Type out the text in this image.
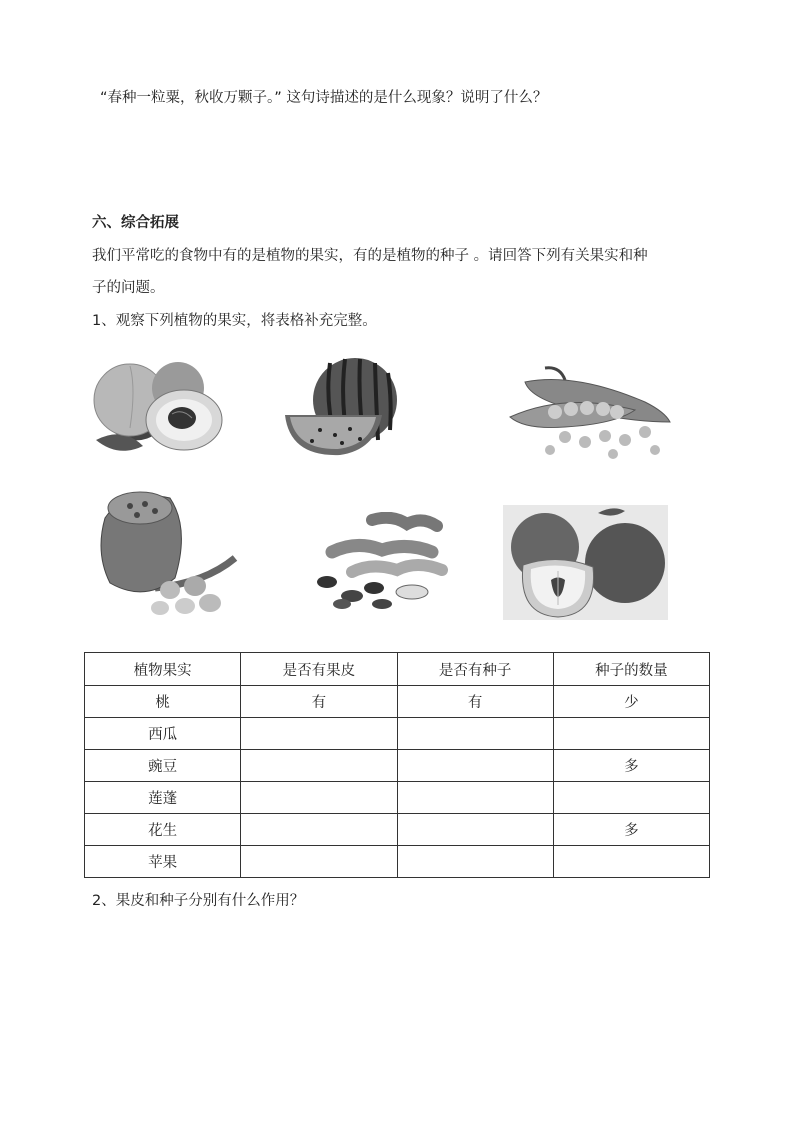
“春种一粒粟，秋收万颗子。” 这句诗描述的是什么现象？说明了什么？
六、综合拓展
我们平常吃的食物中有的是植物的果实，有的是植物的种子 。请回答下列有关果实和种
子的问题。
1、观察下列植物的果实，将表格补充完整。
植物果实	是否有果皮	是否有种子	种子的数量
桃	有	有	少
西瓜			
豌豆			多
莲蓬			
花生			多
苹果			
2、果皮和种子分别有什么作用？
